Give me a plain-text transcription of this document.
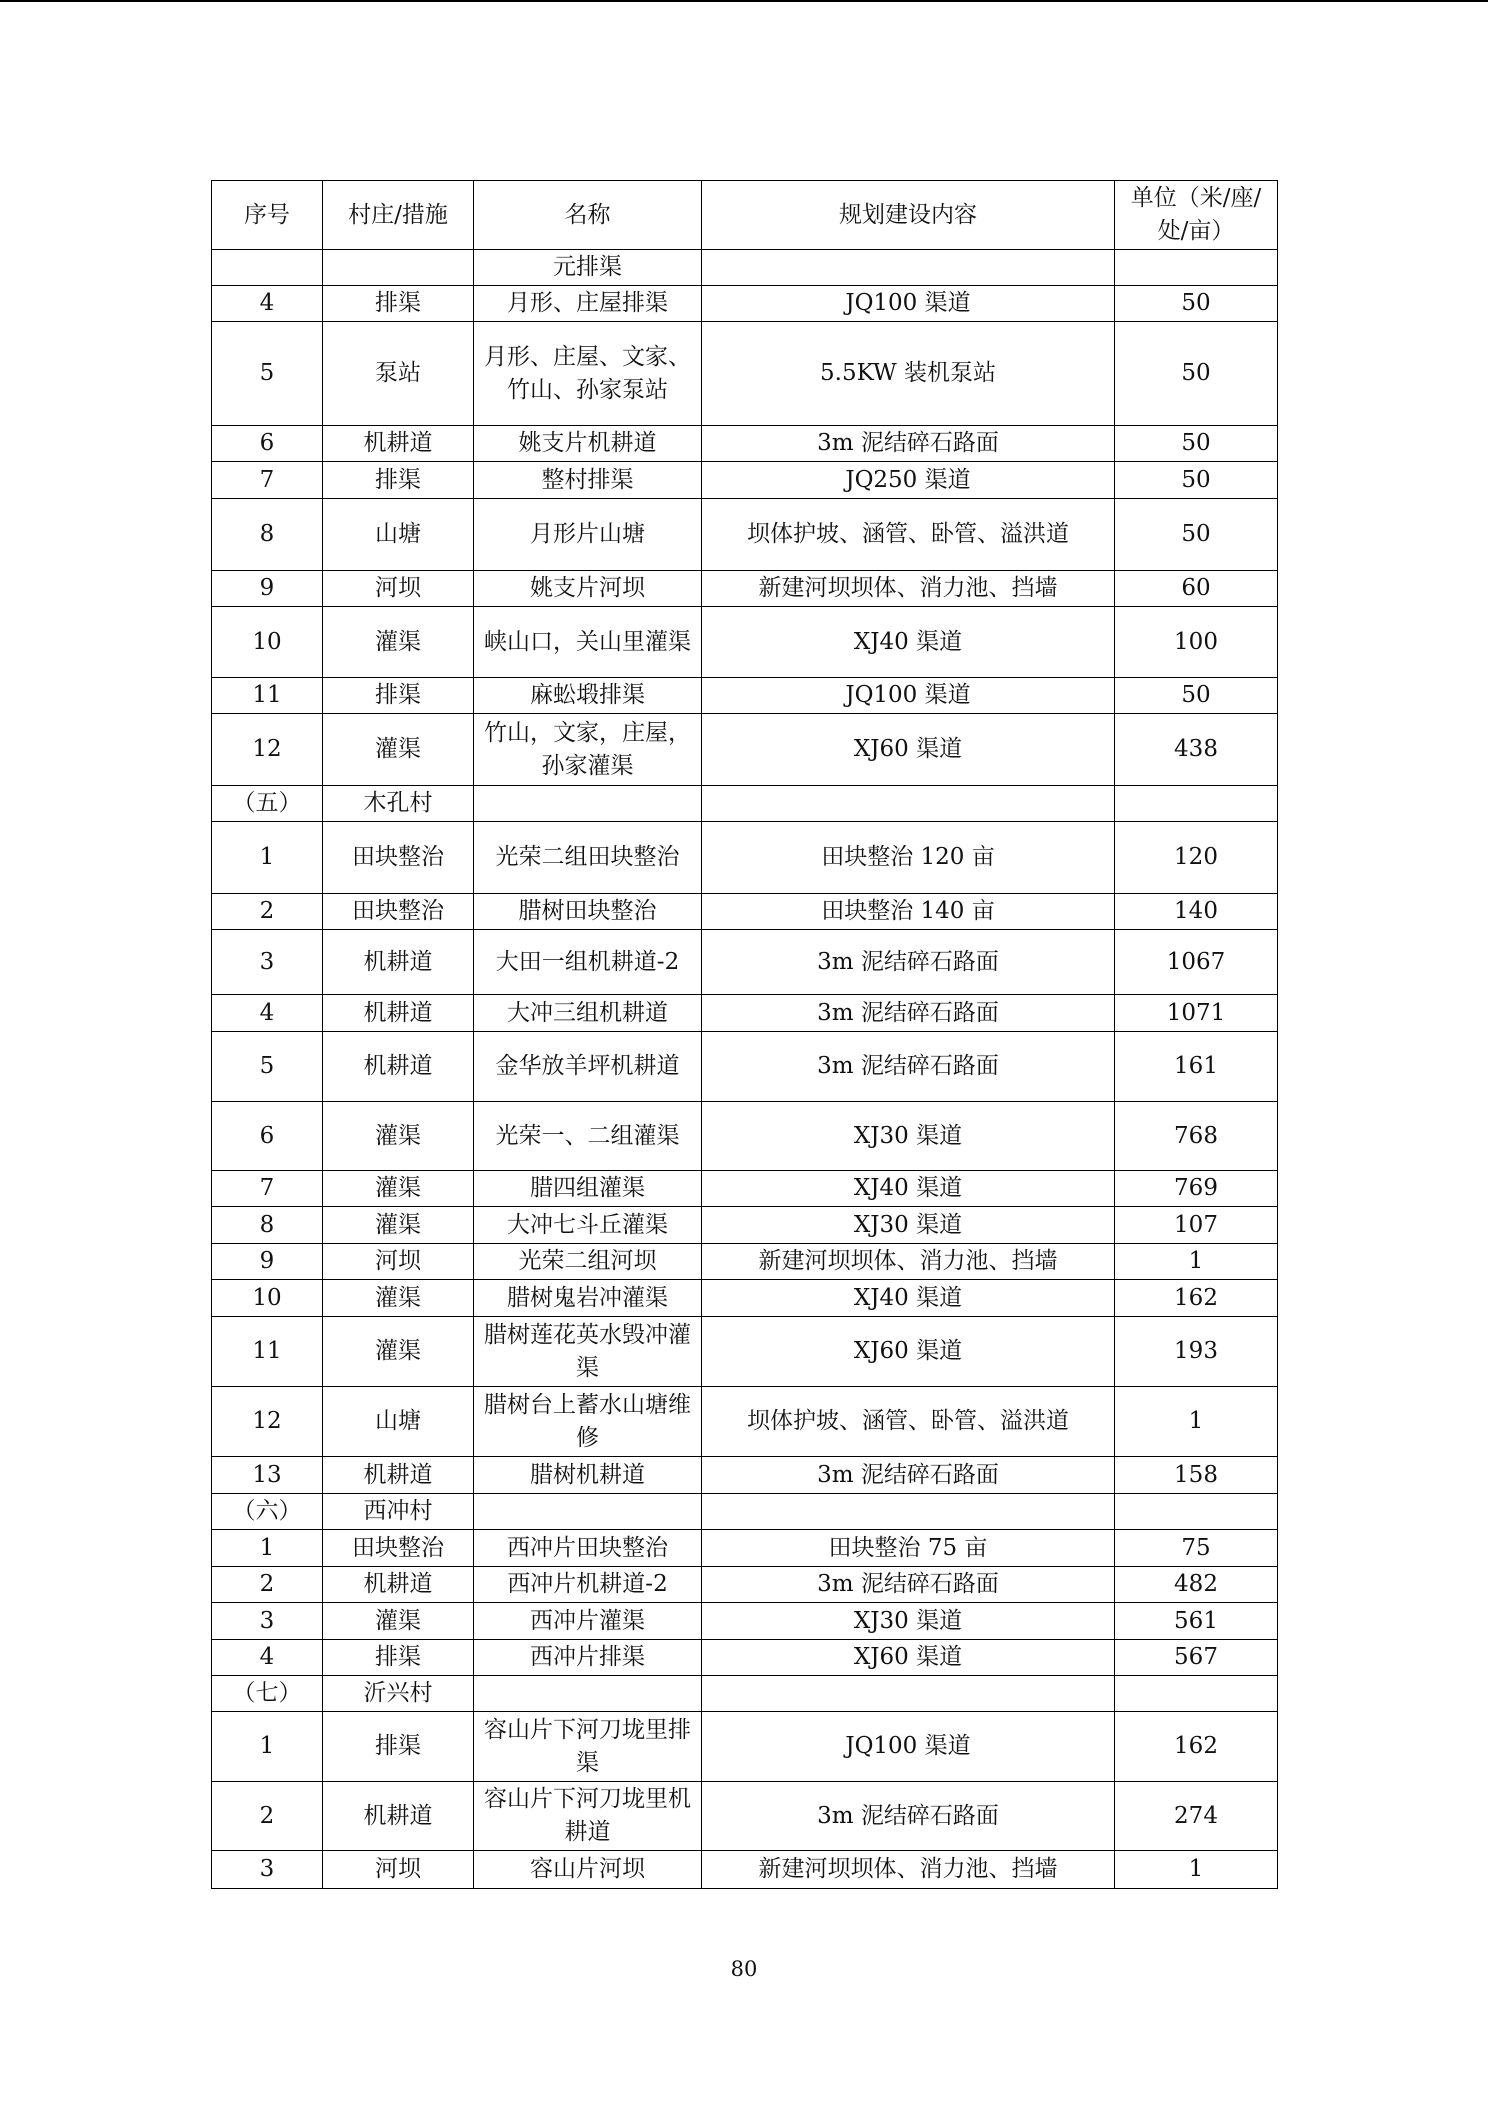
序号	村庄/措施	名称	规划建设内容	单位（米/座/处/亩）
		元排渠		
4	排渠	月形、庄屋排渠	JQ100 渠道	50
5	泵站	月形、庄屋、文家、竹山、孙家泵站	5.5KW 装机泵站	50
6	机耕道	姚支片机耕道	3m 泥结碎石路面	50
7	排渠	整村排渠	JQ250 渠道	50
8	山塘	月形片山塘	坝体护坡、涵管、卧管、溢洪道	50
9	河坝	姚支片河坝	新建河坝坝体、消力池、挡墙	60
10	灌渠	峡山口，关山里灌渠	XJ40 渠道	100
11	排渠	麻蚣塅排渠	JQ100 渠道	50
12	灌渠	竹山，文家，庄屋，孙家灌渠	XJ60 渠道	438
（五）	木孔村			
1	田块整治	光荣二组田块整治	田块整治 120 亩	120
2	田块整治	腊树田块整治	田块整治 140 亩	140
3	机耕道	大田一组机耕道-2	3m 泥结碎石路面	1067
4	机耕道	大冲三组机耕道	3m 泥结碎石路面	1071
5	机耕道	金华放羊坪机耕道	3m 泥结碎石路面	161
6	灌渠	光荣一、二组灌渠	XJ30 渠道	768
7	灌渠	腊四组灌渠	XJ40 渠道	769
8	灌渠	大冲七斗丘灌渠	XJ30 渠道	107
9	河坝	光荣二组河坝	新建河坝坝体、消力池、挡墙	1
10	灌渠	腊树鬼岩冲灌渠	XJ40 渠道	162
11	灌渠	腊树莲花英水毁冲灌渠	XJ60 渠道	193
12	山塘	腊树台上蓄水山塘维修	坝体护坡、涵管、卧管、溢洪道	1
13	机耕道	腊树机耕道	3m 泥结碎石路面	158
（六）	西冲村			
1	田块整治	西冲片田块整治	田块整治 75 亩	75
2	机耕道	西冲片机耕道-2	3m 泥结碎石路面	482
3	灌渠	西冲片灌渠	XJ30 渠道	561
4	排渠	西冲片排渠	XJ60 渠道	567
（七）	沂兴村			
1	排渠	容山片下河刀垅里排渠	JQ100 渠道	162
2	机耕道	容山片下河刀垅里机耕道	3m 泥结碎石路面	274
3	河坝	容山片河坝	新建河坝坝体、消力池、挡墙	1
80
